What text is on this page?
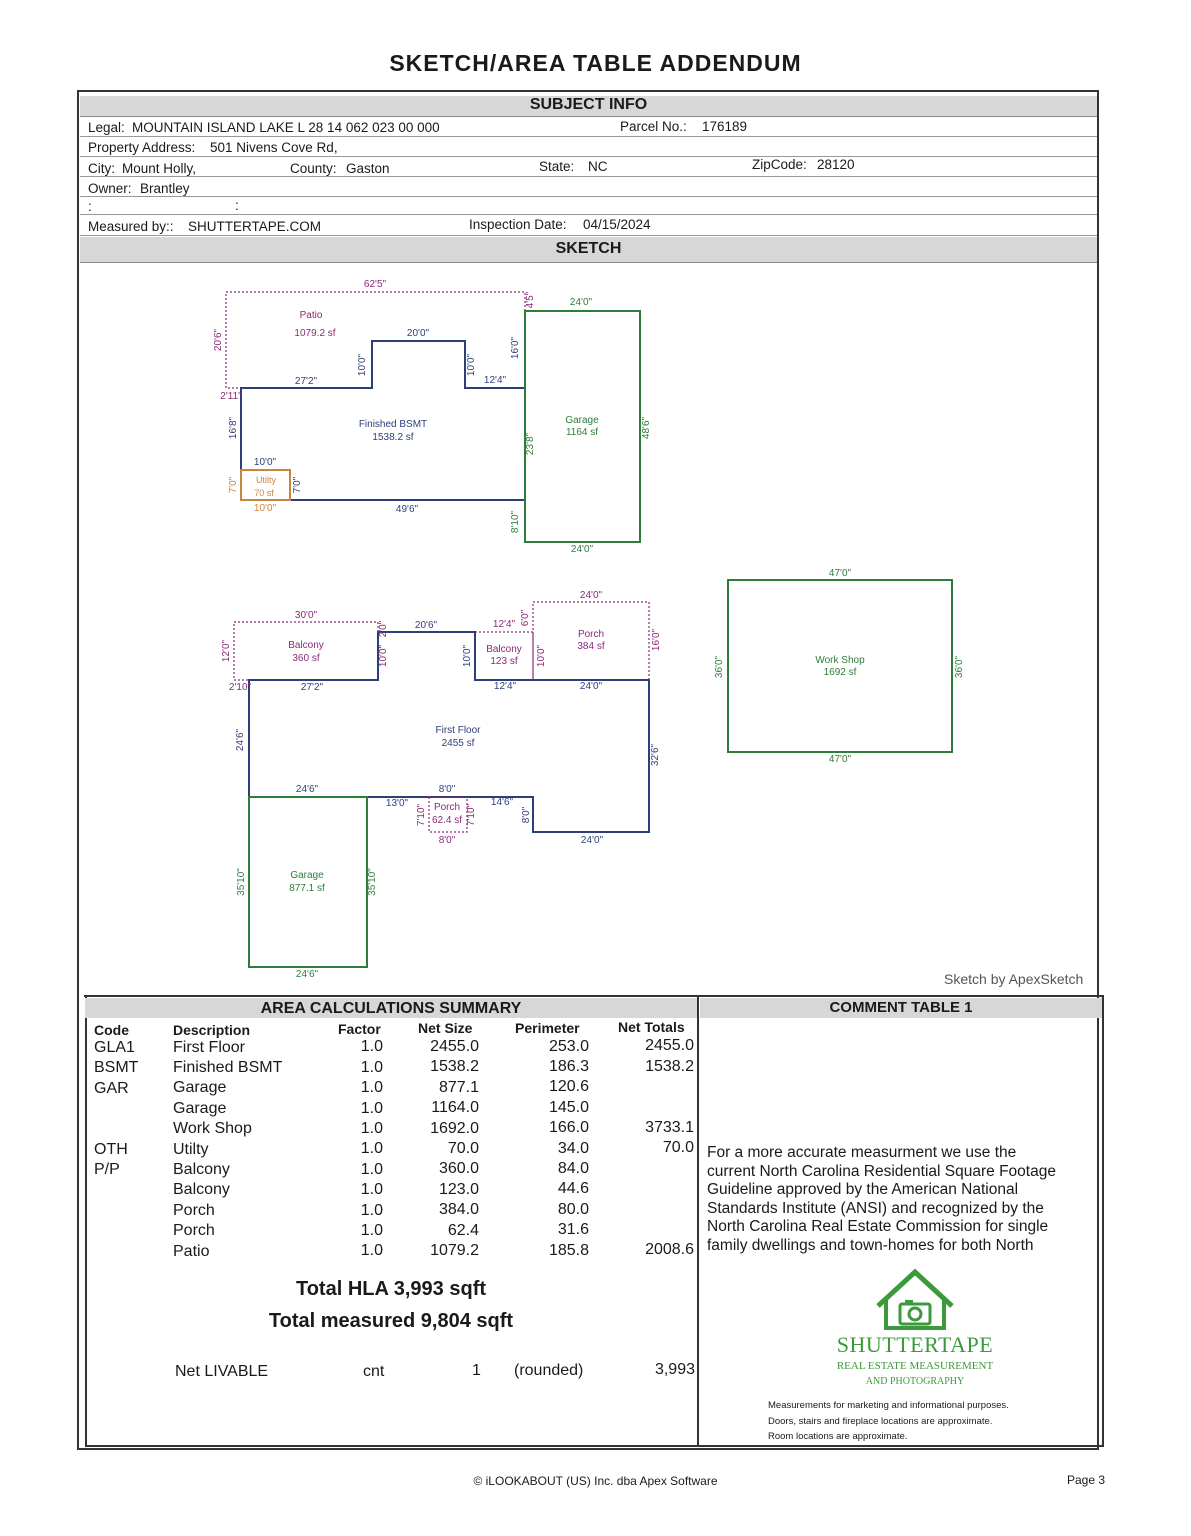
SKETCH/AREA TABLE ADDENDUM
SUBJECT INFO
Legal: MOUNTAIN ISLAND LAKE L 28 14 062 023 00 000	Parcel No.: 176189
Property Address: 501 Nivens Cove Rd,
City: Mount Holly,	County: Gaston	State: NC	ZipCode: 28120
Owner: Brantley
:	:
Measured by:: SHUTTERTAPE.COM	Inspection Date: 04/15/2024
SKETCH
Patio
1079.2 sf
Finished BSMT
1538.2 sf
Utilty
70 sf
Garage
1164 sf
62'5"
20'6"
4'5"
20'0"
10'0"	10'0"
27'2"	12'4"
2'11"
16'8"
10'0"
7'0"	7'0"
10'0"	49'6"
16'0"
24'0"
23'8"
48'6"
8'10"
24'0"
Balcony
360 sf
Balcony
123 sf
Porch
384 sf
First Floor
2455 sf
Porch
62.4 sf
Garage
877.1 sf
30'0"
12'0"
2'0"
10'0"
20'6"
10'0"
12'4" 6'0"
10'0"
24'0"
16'0"
2'10"	27'2"	12'4"	24'0"
24'6"
32'6"
24'6"
13'0"
8'0"
7'10"	7'10"
8'0"
14'6"
8'0"
24'0"
35'10"	35'10"
24'6"
Work Shop
1692 sf
47'0"
36'0"	36'0"
47'0"
Sketch by ApexSketch
AREA CALCULATIONS SUMMARY
Code	Description	Factor	Net Size	Perimeter	Net Totals
GLA1	First Floor	1.0	2455.0	253.0	2455.0
BSMT	Finished BSMT	1.0	1538.2	186.3	1538.2
GAR	Garage	1.0	877.1	120.6
Garage	1.0	1164.0	145.0
Work Shop	1.0	1692.0	166.0	3733.1
OTH	Utilty	1.0	70.0	34.0	70.0
P/P	Balcony	1.0	360.0	84.0
Balcony	1.0	123.0	44.6
Porch	1.0	384.0	80.0
Porch	1.0	62.4	31.6
Patio	1.0	1079.2	185.8	2008.6
Total HLA 3,993 sqft
Total measured 9,804 sqft
Net LIVABLE	cnt	1 (rounded)	3,993
COMMENT TABLE 1
For a more accurate measurment we use the
current North Carolina Residential Square Footage
Guideline approved by the American National
Standards Institute (ANSI) and recognized by the
North Carolina Real Estate Commission for single
family dwellings and town-homes for both North
SHUTTERTAPE
REAL ESTATE MEASUREMENT
AND PHOTOGRAPHY
Measurements for marketing and informational purposes.
Doors, stairs and fireplace locations are approximate.
Room locations are approximate.
© iLOOKABOUT (US) Inc. dba Apex Software	Page 3
